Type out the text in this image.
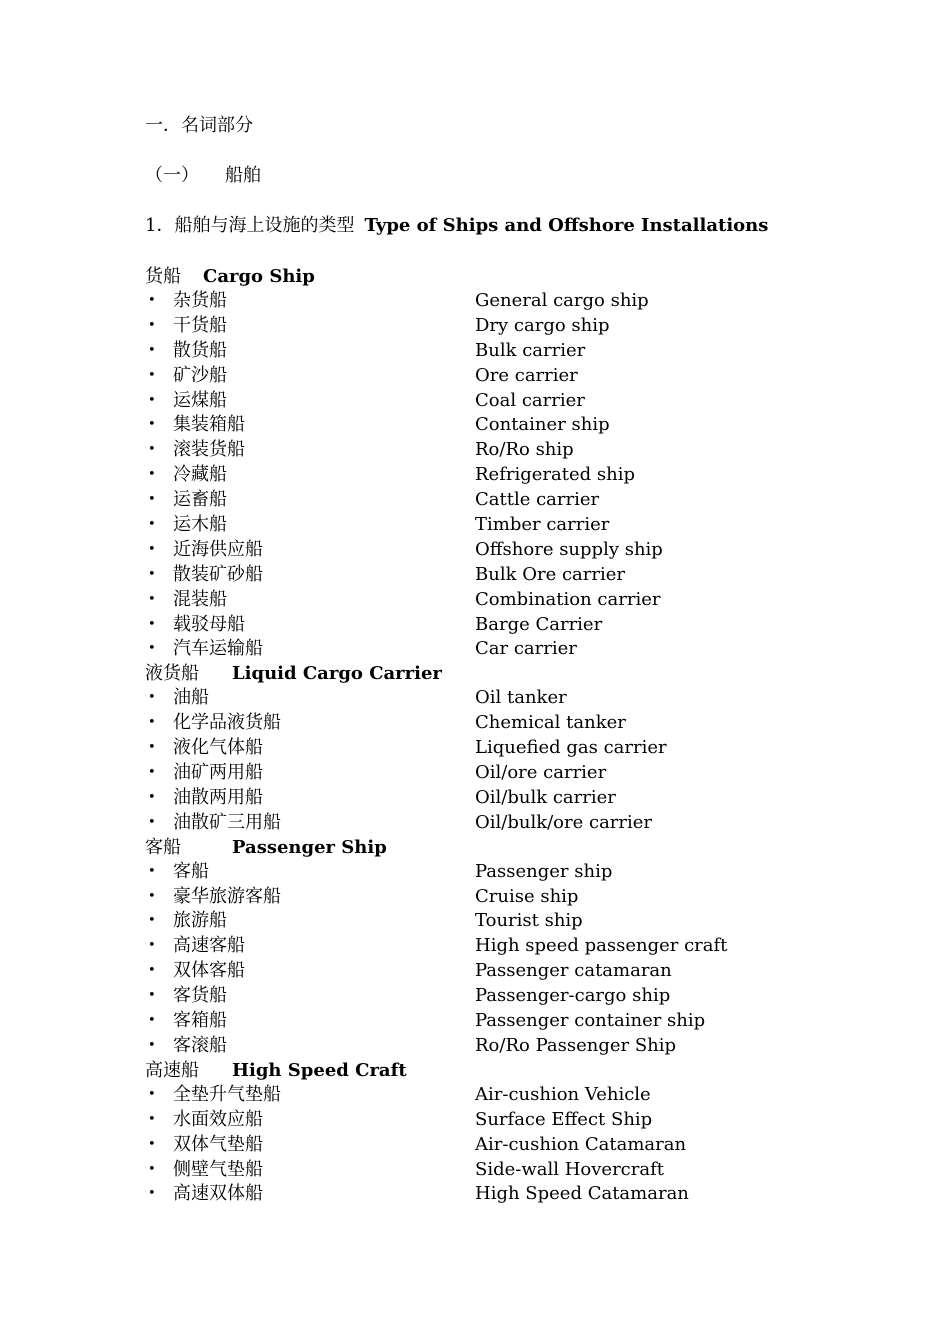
一．名词部分
（一） 船舶
1．船舶与海上设施的类型 Type of Ships and Offshore Installations
货船 Cargo Ship
• 杂货船	General cargo ship
• 干货船	Dry cargo ship
• 散货船	Bulk carrier
• 矿沙船	Ore carrier
• 运煤船	Coal carrier
• 集装箱船	Container ship
• 滚装货船	Ro/Ro ship
• 冷藏船	Refrigerated ship
• 运畜船	Cattle carrier
• 运木船	Timber carrier
• 近海供应船	Offshore supply ship
• 散装矿砂船	Bulk Ore carrier
• 混装船	Combination carrier
• 载驳母船	Barge Carrier
• 汽车运输船	Car carrier
液货船 Liquid Cargo Carrier
• 油船	Oil tanker
• 化学品液货船	Chemical tanker
• 液化气体船	Liquefied gas carrier
• 油矿两用船	Oil/ore carrier
• 油散两用船	Oil/bulk carrier
• 油散矿三用船	Oil/bulk/ore carrier
客船	Passenger Ship
• 客船	Passenger ship
• 豪华旅游客船	Cruise ship
• 旅游船	Tourist ship
• 高速客船	High speed passenger craft
• 双体客船	Passenger catamaran
• 客货船	Passenger-cargo ship
• 客箱船	Passenger container ship
• 客滚船	Ro/Ro Passenger Ship
高速船 High Speed Craft
• 全垫升气垫船	Air-cushion Vehicle
• 水面效应船	Surface Effect Ship
• 双体气垫船	Air-cushion Catamaran
• 侧壁气垫船	Side-wall Hovercraft
• 高速双体船	High Speed Catamaran
